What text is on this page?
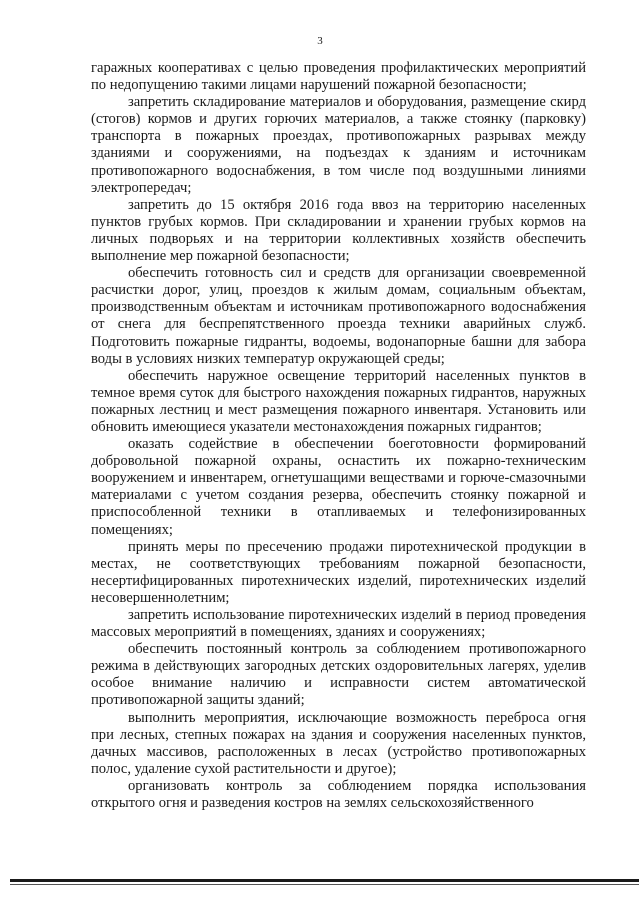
3

гаражных кооперативах с целью проведения профилактических мероприятий по недопущению такими лицами нарушений пожарной безопасности;

запретить складирование материалов и оборудования, размещение скирд (стогов) кормов и других горючих материалов, а также стоянку (парковку) транспорта в пожарных проездах, противопожарных разрывах между зданиями и сооружениями, на подъездах к зданиям и источникам противопожарного водоснабжения, в том числе под воздушными линиями электропередач;

запретить до 15 октября 2016 года ввоз на территорию населенных пунктов грубых кормов. При складировании и хранении грубых кормов на личных подворьях и на территории коллективных хозяйств обеспечить выполнение мер пожарной безопасности;

обеспечить готовность сил и средств для организации своевременной расчистки дорог, улиц, проездов к жилым домам, социальным объектам, производственным объектам и источникам противопожарного водоснабжения от снега для беспрепятственного проезда техники аварийных служб. Подготовить пожарные гидранты, водоемы, водонапорные башни для забора воды в условиях низких температур окружающей среды;

обеспечить наружное освещение территорий населенных пунктов в темное время суток для быстрого нахождения пожарных гидрантов, наружных пожарных лестниц и мест размещения пожарного инвентаря. Установить или обновить имеющиеся указатели местонахождения пожарных гидрантов;

оказать содействие в обеспечении боеготовности формирований добровольной пожарной охраны, оснастить их пожарно-техническим вооружением и инвентарем, огнетушащими веществами и горюче-смазочными материалами с учетом создания резерва, обеспечить стоянку пожарной и приспособленной техники в отапливаемых и телефонизированных помещениях;

принять меры по пресечению продажи пиротехнической продукции в местах, не соответствующих требованиям пожарной безопасности, несертифицированных пиротехнических изделий, пиротехнических изделий несовершеннолетним;

запретить использование пиротехнических изделий в период проведения массовых мероприятий в помещениях, зданиях и сооружениях;

обеспечить постоянный контроль за соблюдением противопожарного режима в действующих загородных детских оздоровительных лагерях, уделив особое внимание наличию и исправности систем автоматической противопожарной защиты зданий;

выполнить мероприятия, исключающие возможность переброса огня при лесных, степных пожарах на здания и сооружения населенных пунктов, дачных массивов, расположенных в лесах (устройство противопожарных полос, удаление сухой растительности и другое);

организовать контроль за соблюдением порядка использования открытого огня и разведения костров на землях сельскохозяйственного
